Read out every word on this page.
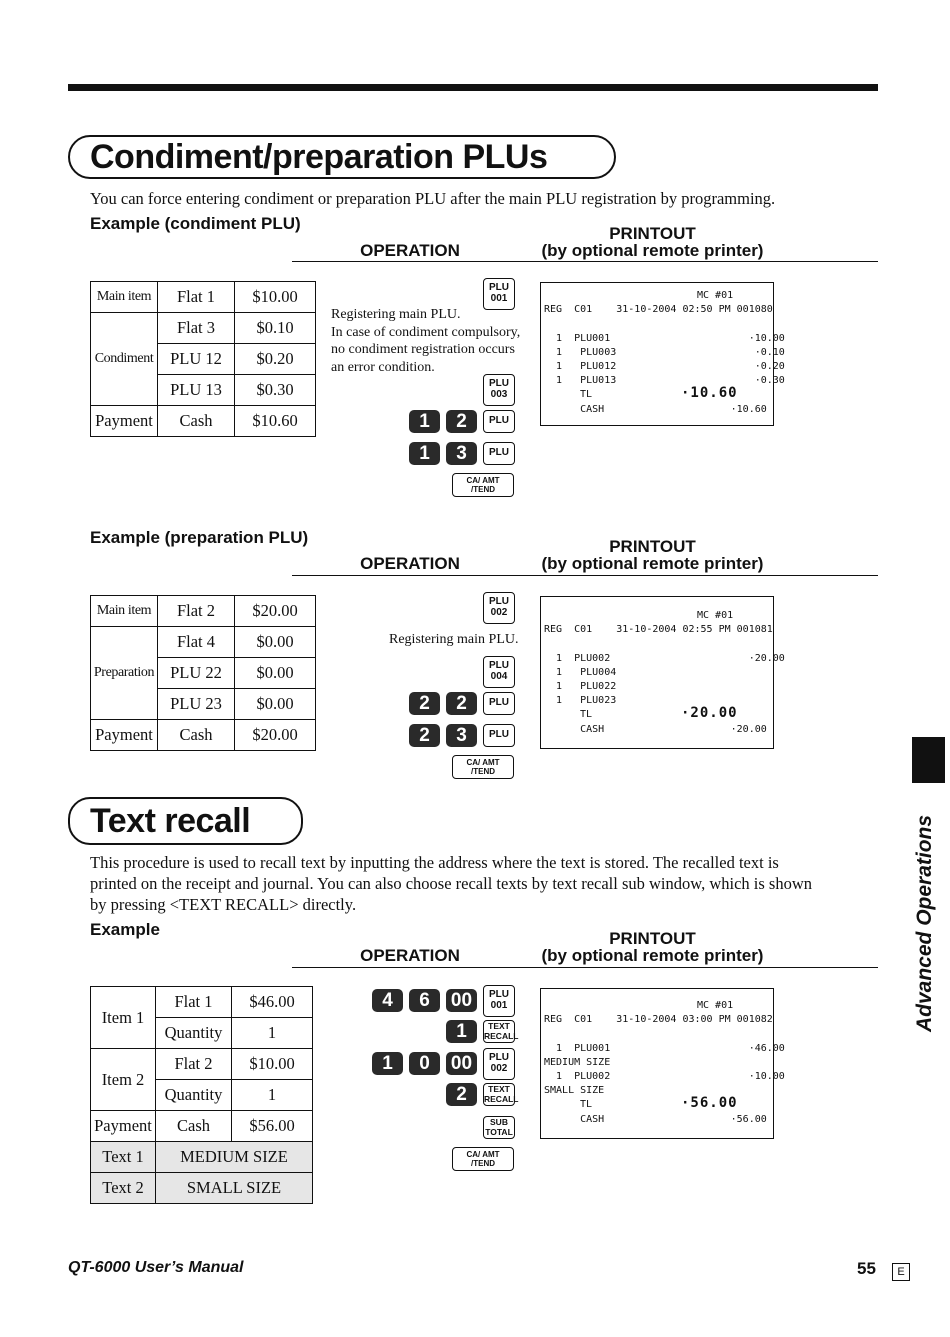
Condiment/preparation PLUs
You can force entering condiment or preparation PLU after the main PLU registration by programming.
Example (condiment PLU)
OPERATION
PRINTOUT
(by optional remote printer)
Main item	Flat 1	$10.00
Condiment	Flat 3	$0.10
	PLU 12	$0.20
	PLU 13	$0.30
Payment	Cash	$10.60
PLU
001
Registering main PLU.
In case of condiment compulsory,
no condiment registration occurs
an error condition.
PLU
003
1	2	PLU
1	3	PLU
CA/ AMT
/TEND
MC #01
REG  C01    31-10-2004 02:50 PM 001080
1  PLU001                       ·10.00
1   PLU003                       ·0.10
1   PLU012                       ·0.20
1   PLU013                       ·0.30
TL	·10.60
CASH                     ·10.60
Example (preparation PLU)
OPERATION
PRINTOUT
(by optional remote printer)
Main item	Flat 2	$20.00
Preparation	Flat 4	$0.00
	PLU 22	$0.00
	PLU 23	$0.00
Payment	Cash	$20.00
PLU
002
Registering main PLU.
PLU
004
2	2	PLU
2	3	PLU
CA/ AMT
/TEND
MC #01
REG  C01    31-10-2004 02:55 PM 001081
1  PLU002                       ·20.00
1   PLU004
1   PLU022
1   PLU023
TL	·20.00
CASH                     ·20.00
Text recall
This procedure is used to recall text by inputting the address where the text is stored. The recalled text is
printed on the receipt and journal. You can also choose recall texts by text recall sub window, which is shown
by pressing <TEXT RECALL> directly.
Example
OPERATION
PRINTOUT
(by optional remote printer)
Item 1	Flat 1	$46.00
	Quantity	1
Item 2	Flat 2	$10.00
	Quantity	1
Payment	Cash	$56.00
Text 1	MEDIUM SIZE	
Text 2	SMALL SIZE	
4	6	00	PLU
001
1	TEXT
RECALL
1	0	00	PLU
002
2	TEXT
RECALL
SUB
TOTAL
CA/ AMT
/TEND
MC #01
REG  C01    31-10-2004 03:00 PM 001082
1  PLU001                       ·46.00
MEDIUM SIZE
1  PLU002                       ·10.00
SMALL SIZE
TL	·56.00
CASH                     ·56.00
Advanced Operations
QT-6000 User’s Manual	55	E
